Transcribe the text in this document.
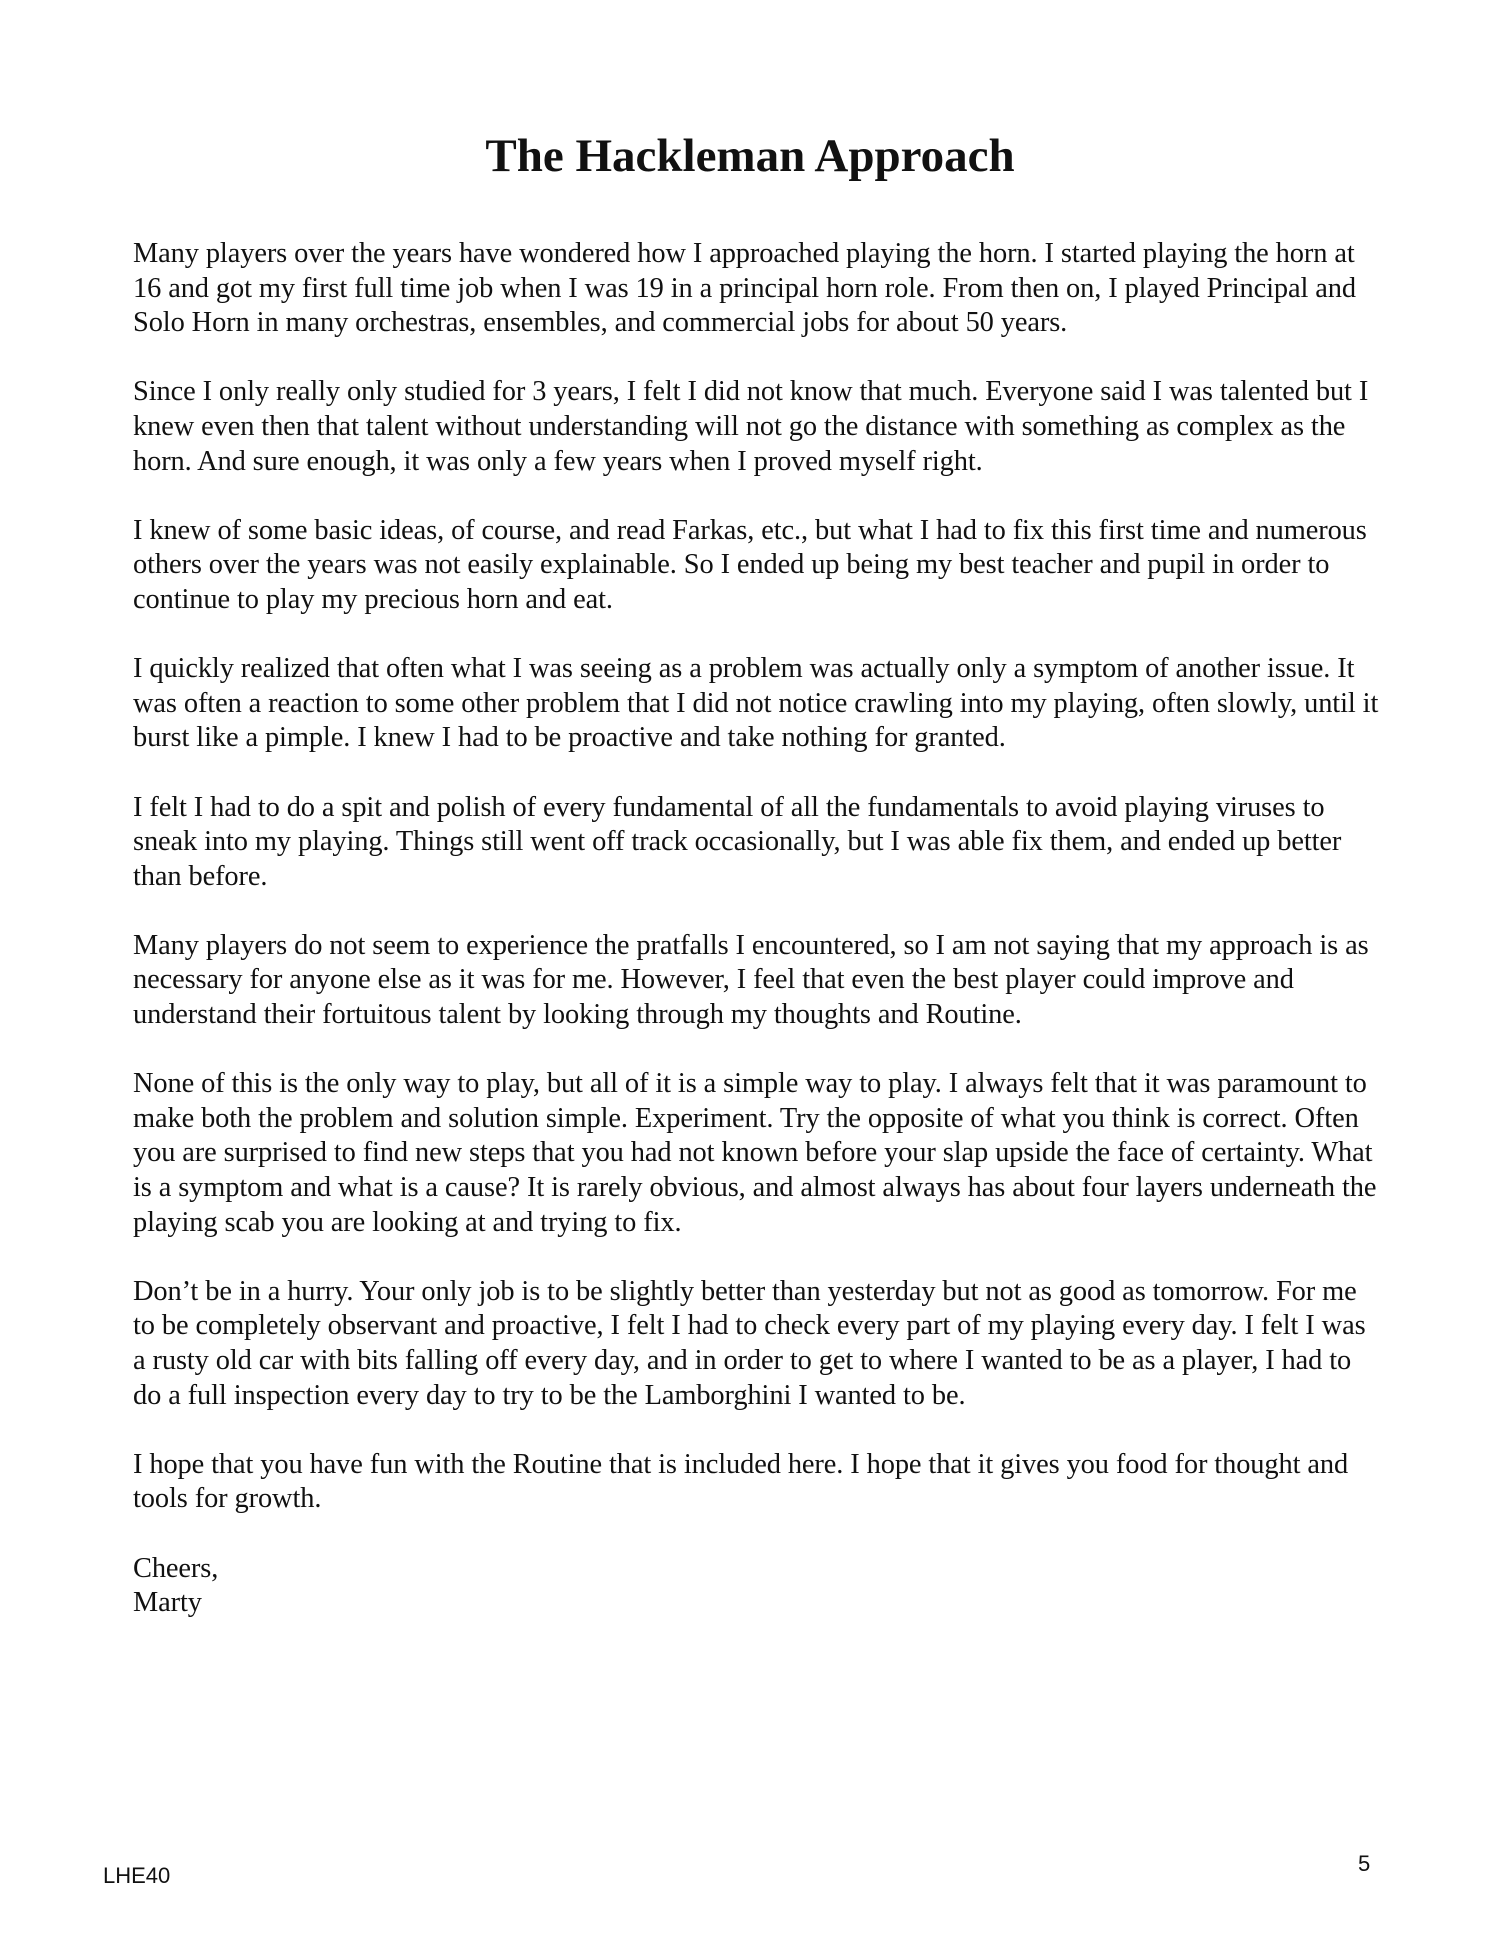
The Hackleman Approach

Many players over the years have wondered how I approached playing the horn. I started playing the horn at 16 and got my first full time job when I was 19 in a principal horn role. From then on, I played Principal and Solo Horn in many orchestras, ensembles, and commercial jobs for about 50 years.

Since I only really only studied for 3 years, I felt I did not know that much. Everyone said I was talented but I knew even then that talent without understanding will not go the distance with something as complex as the horn. And sure enough, it was only a few years when I proved myself right.

I knew of some basic ideas, of course, and read Farkas, etc., but what I had to fix this first time and numerous others over the years was not easily explainable. So I ended up being my best teacher and pupil in order to continue to play my precious horn and eat.

I quickly realized that often what I was seeing as a problem was actually only a symptom of another issue. It was often a reaction to some other problem that I did not notice crawling into my playing, often slowly, until it burst like a pimple. I knew I had to be proactive and take nothing for granted.

I felt I had to do a spit and polish of every fundamental of all the fundamentals to avoid playing viruses to sneak into my playing. Things still went off track occasionally, but I was able fix them, and ended up better than before.

Many players do not seem to experience the pratfalls I encountered, so I am not saying that my approach is as necessary for anyone else as it was for me. However, I feel that even the best player could improve and understand their fortuitous talent by looking through my thoughts and Routine.

None of this is the only way to play, but all of it is a simple way to play. I always felt that it was paramount to make both the problem and solution simple. Experiment. Try the opposite of what you think is correct. Often you are surprised to find new steps that you had not known before your slap upside the face of certainty. What is a symptom and what is a cause? It is rarely obvious, and almost always has about four layers underneath the playing scab you are looking at and trying to fix.

Don’t be in a hurry. Your only job is to be slightly better than yesterday but not as good as tomorrow. For me to be completely observant and proactive, I felt I had to check every part of my playing every day. I felt I was a rusty old car with bits falling off every day, and in order to get to where I wanted to be as a player, I had to do a full inspection every day to try to be the Lamborghini I wanted to be.

I hope that you have fun with the Routine that is included here. I hope that it gives you food for thought and tools for growth.

Cheers,
Marty
LHE40	5
